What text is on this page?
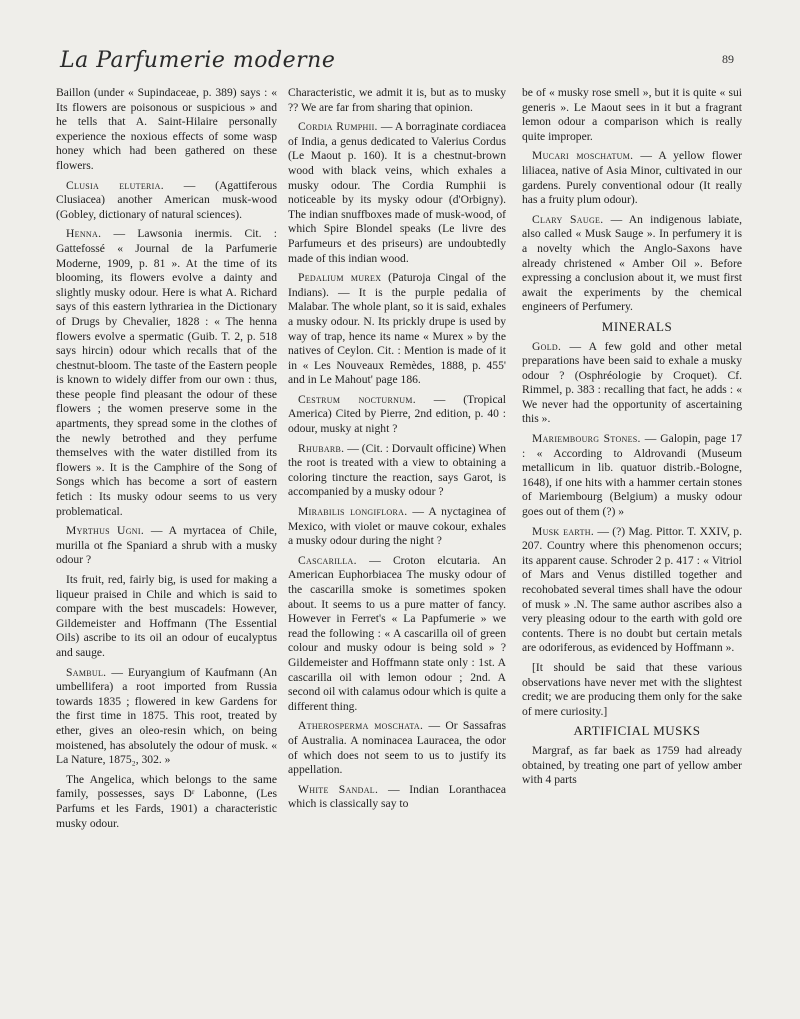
La Parfumerie moderne	89

Baillon (under « Supindaceae, p. 389) says : « Its flowers are poisonous or suspicious » and he tells that A. Saint-Hilaire personally experience the noxious effects of some wasp honey which had been gathered on these flowers.

Clusia eluteria. — (Agattiferous Clusiacea) another American musk-wood (Gobley, dictionary of natural sciences).

Henna. — Lawsonia inermis. Cit. : Gattefossé « Journal de la Parfumerie Moderne, 1909, p. 81 ». At the time of its blooming, its flowers evolve a dainty and slightly musky odour. Here is what A. Richard says of this eastern lythrariea in the Dictionary of Drugs by Chevalier, 1828 : « The henna flowers evolve a spermatic (Guib. T. 2, p. 518 says hircin) odour which recalls that of the chestnut-bloom. The taste of the Eastern people is known to widely differ from our own : thus, these people find pleasant the odour of these flowers ; the women preserve some in the apartments, they spread some in the clothes of the newly betrothed and they perfume themselves with the water distilled from its flowers ». It is the Camphire of the Song of Songs which has become a sort of eastern fetich : Its musky odour seems to us very problematical.

Myrthus Ugni. — A myrtacea of Chile, murilla ot fhe Spaniard a shrub with a musky odour ?

Its fruit, red, fairly big, is used for making a liqueur praised in Chile and which is said to compare with the best muscadels: However, Gildemeister and Hoffmann (The Essential Oils) ascribe to its oil an odour of eucalyptus and sauge.

Sambul. — Euryangium of Kaufmann (An umbellifera) a root imported from Russia towards 1835 ; flowered in kew Gardens for the first time in 1875. This root, treated by ether, gives an oleo-resin which, on being moistened, has absolutely the odour of musk. « La Nature, 1875₂, 302. »

The Angelica, which belongs to the same family, possesses, says Dʳ Labonne, (Les Parfums et les Fards, 1901) a characteristic musky odour.

Characteristic, we admit it is, but as to musky ?? We are far from sharing that opinion.

Cordia Rumphii. — A borraginate cordiacea of India, a genus dedicated to Valerius Cordus (Le Maout p. 160). It is a chestnut-brown wood with black veins, which exhales a musky odour. The Cordia Rumphii is noticeable by its mysky odour (d'Orbigny). The indian snuffboxes made of musk-wood, of which Spire Blondel speaks (Le livre des Parfumeurs et des priseurs) are undoubtedly made of this indian wood.

Pedalium murex (Paturoja Cingal of the Indians). — It is the purple pedalia of Malabar. The whole plant, so it is said, exhales a musky odour. N. Its prickly drupe is used by way of trap, hence its name « Murex » by the natives of Ceylon. Cit. : Mention is made of it in « Les Nouveaux Remèdes, 1888, p. 455' and in Le Mahout' page 186.

Cestrum nocturnum. — (Tropical America) Cited by Pierre, 2nd edition, p. 40 : odour, musky at night ?

Rhubarb. — (Cit. : Dorvault officine) When the root is treated with a view to obtaining a coloring tincture the reaction, says Garot, is accompanied by a musky odour ?

Mirabilis longiflora. — A nyctaginea of Mexico, with violet or mauve cokour, exhales a musky odour during the night ?

Cascarilla. — Croton elcutaria. An American Euphorbiacea The musky odour of the cascarilla smoke is sometimes spoken about. It seems to us a pure matter of fancy. However in Ferret's « La Papfumerie » we read the following : « A cascarilla oil of green colour and musky odour is being sold » ? Gildemeister and Hoffmann state only : 1st. A cascarilla oil with lemon odour ; 2nd. A second oil with calamus odour which is quite a different thing.

Atherosperma moschata. — Or Sassafras of Australia. A nominacea Lauracea, the odor of which does not seem to us to justify its appellation.

White Sandal. — Indian Loranthacea which is classically say to

be of « musky rose smell », but it is quite « sui generis ». Le Maout sees in it but a fragrant lemon odour a comparison which is really quite improper.

Mucari moschatum. — A yellow flower liliacea, native of Asia Minor, cultivated in our gardens. Purely conventional odour (It really has a fruity plum odour).

Clary Sauge. — An indigenous labiate, also called « Musk Sauge ». In perfumery it is a novelty which the Anglo-Saxons have already christened « Amber Oil ». Before expressing a conclusion about it, we must first await the experiments by the chemical engineers of Perfumery.

MINERALS

Gold. — A few gold and other metal preparations have been said to exhale a musky odour ? (Osphréologie by Croquet). Cf. Rimmel, p. 383 : recalling that fact, he adds : « We never had the opportunity of ascertaining this ».

Mariembourg Stones. — Galopin, page 17 : « According to Aldrovandi (Museum metallicum in lib. quatuor distrib.-Bologne, 1648), if one hits with a hammer certain stones of Mariembourg (Belgium) a musky odour goes out of them (?) »

Musk earth. — (?) Mag. Pittor. T. XXIV, p. 207. Country where this phenomenon occurs; its apparent cause. Schroder 2 p. 417 : « Vitriol of Mars and Venus distilled together and recohobated several times shall have the odour of musk » .N. The same author ascribes also a very pleasing odour to the earth with gold ore contents. There is no doubt but certain metals are odoriferous, as evidenced by Hoffmann ».

[It should be said that these various observations have never met with the slightest credit; we are producing them only for the sake of mere curiosity.]

ARTIFICIAL MUSKS

Margraf, as far baek as 1759 had already obtained, by treating one part of yellow amber with 4 parts
